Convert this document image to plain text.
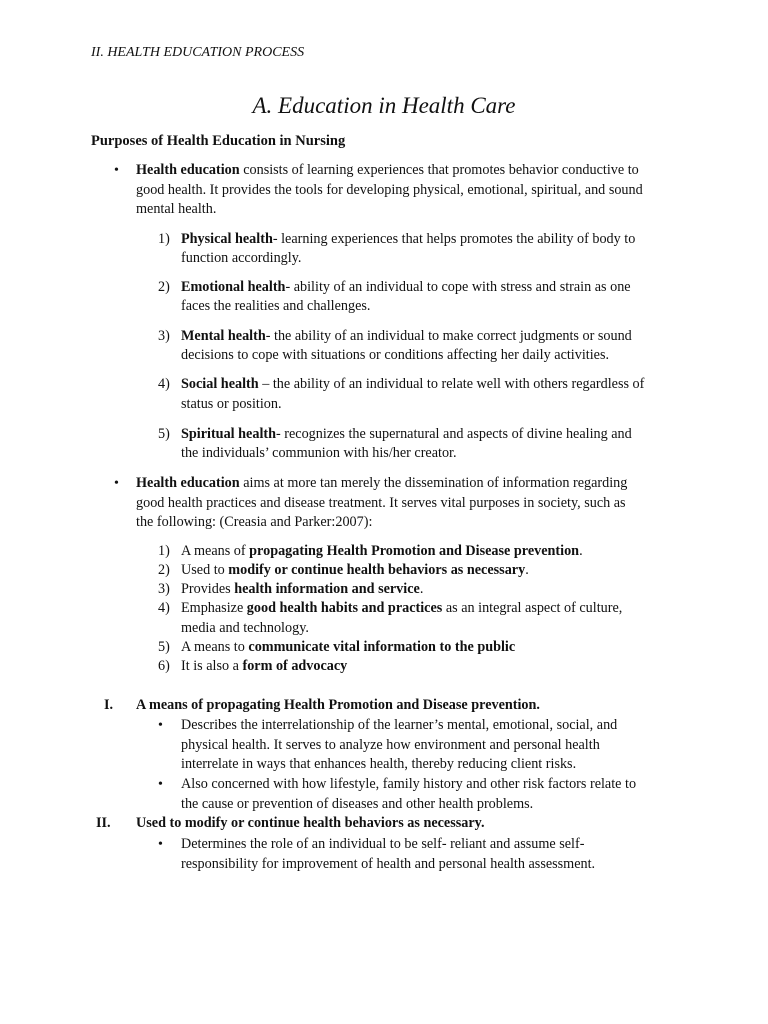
II. HEALTH EDUCATION PROCESS
A. Education in Health Care
Purposes of Health Education in Nursing
• Health education consists of learning experiences that promotes behavior conductive to
good health. It provides the tools for developing physical, emotional, spiritual, and sound
mental health.
1) Physical health- learning experiences that helps promotes the ability of body to
function accordingly.
2) Emotional health- ability of an individual to cope with stress and strain as one
faces the realities and challenges.
3) Mental health- the ability of an individual to make correct judgments or sound
decisions to cope with situations or conditions affecting her daily activities.
4) Social health – the ability of an individual to relate well with others regardless of
status or position.
5) Spiritual health- recognizes the supernatural and aspects of divine healing and
the individuals’ communion with his/her creator.
• Health education aims at more tan merely the dissemination of information regarding
good health practices and disease treatment. It serves vital purposes in society, such as
the following: (Creasia and Parker:2007):
1) A means of propagating Health Promotion and Disease prevention.
2) Used to modify or continue health behaviors as necessary.
3) Provides health information and service.
4) Emphasize good health habits and practices as an integral aspect of culture,
media and technology.
5) A means to communicate vital information to the public
6) It is also a form of advocacy
I. A means of propagating Health Promotion and Disease prevention.
• Describes the interrelationship of the learner’s mental, emotional, social, and
physical health. It serves to analyze how environment and personal health
interrelate in ways that enhances health, thereby reducing client risks.
• Also concerned with how lifestyle, family history and other risk factors relate to
the cause or prevention of diseases and other health problems.
II. Used to modify or continue health behaviors as necessary.
• Determines the role of an individual to be self- reliant and assume self-
responsibility for improvement of health and personal health assessment.
